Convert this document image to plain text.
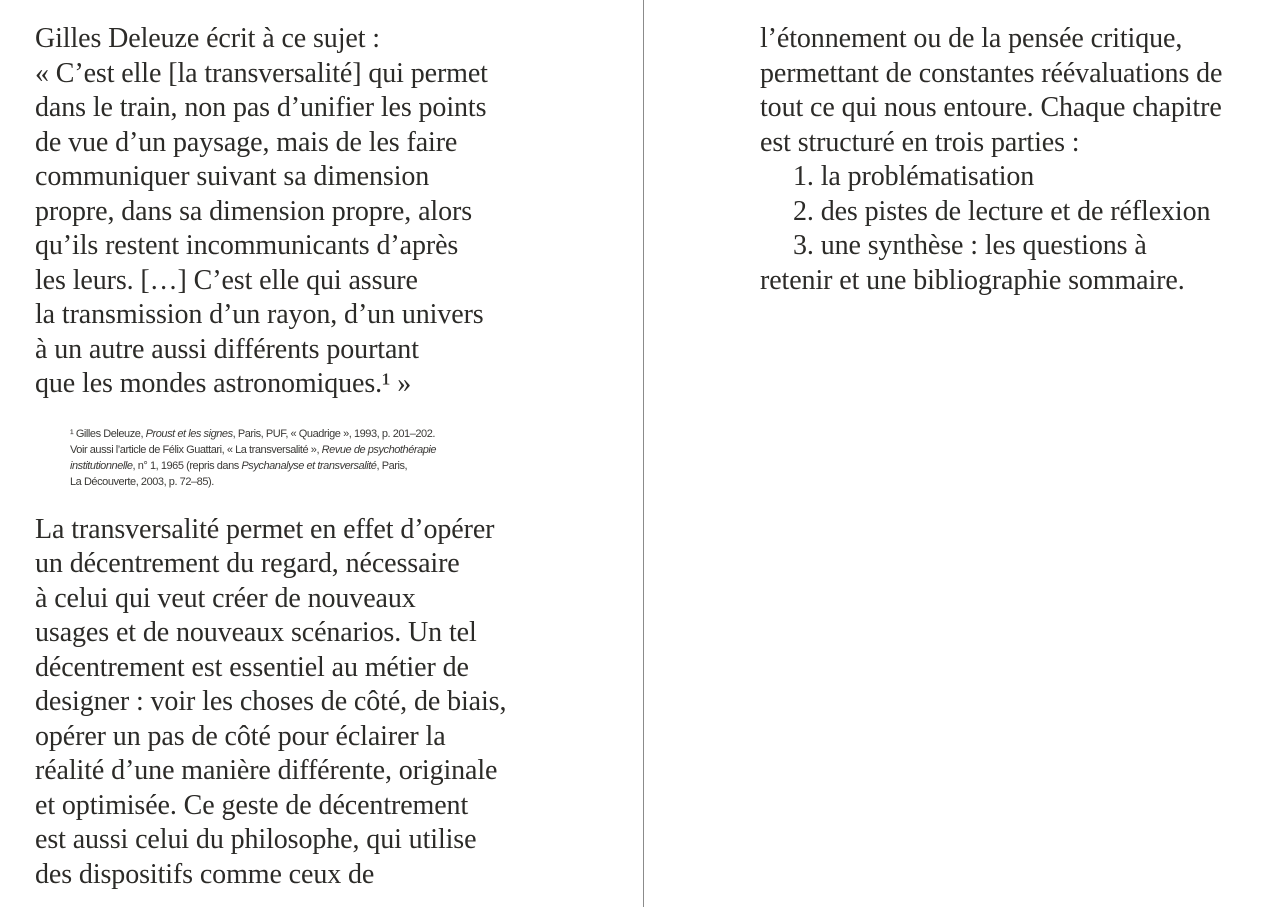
Gilles Deleuze écrit à ce sujet :
« C’est elle [la transversalité] qui permet
dans le train, non pas d’unifier les points
de vue d’un paysage, mais de les faire
communiquer suivant sa dimension
propre, dans sa dimension propre, alors
qu’ils restent incommunicants d’après
les leurs. […] C’est elle qui assure
la transmission d’un rayon, d’un univers
à un autre aussi différents pourtant
que les mondes astronomiques.¹ »
¹ Gilles Deleuze, Proust et les signes, Paris, PUF, « Quadrige », 1993, p. 201–202.
Voir aussi l’article de Félix Guattari, « La transversalité », Revue de psychothérapie
institutionnelle, n° 1, 1965 (repris dans Psychanalyse et transversalité, Paris,
La Découverte, 2003, p. 72–85).
La transversalité permet en effet d’opérer
un décentrement du regard, nécessaire
à celui qui veut créer de nouveaux
usages et de nouveaux scénarios. Un tel
décentrement est essentiel au métier de
designer : voir les choses de côté, de biais,
opérer un pas de côté pour éclairer la
réalité d’une manière différente, originale
et optimisée. Ce geste de décentrement
est aussi celui du philosophe, qui utilise
des dispositifs comme ceux de
l’étonnement ou de la pensée critique,
permettant de constantes réévaluations de
tout ce qui nous entoure. Chaque chapitre
est structuré en trois parties :
1. la problématisation
2. des pistes de lecture et de réflexion
3. une synthèse : les questions à
retenir et une bibliographie sommaire.
